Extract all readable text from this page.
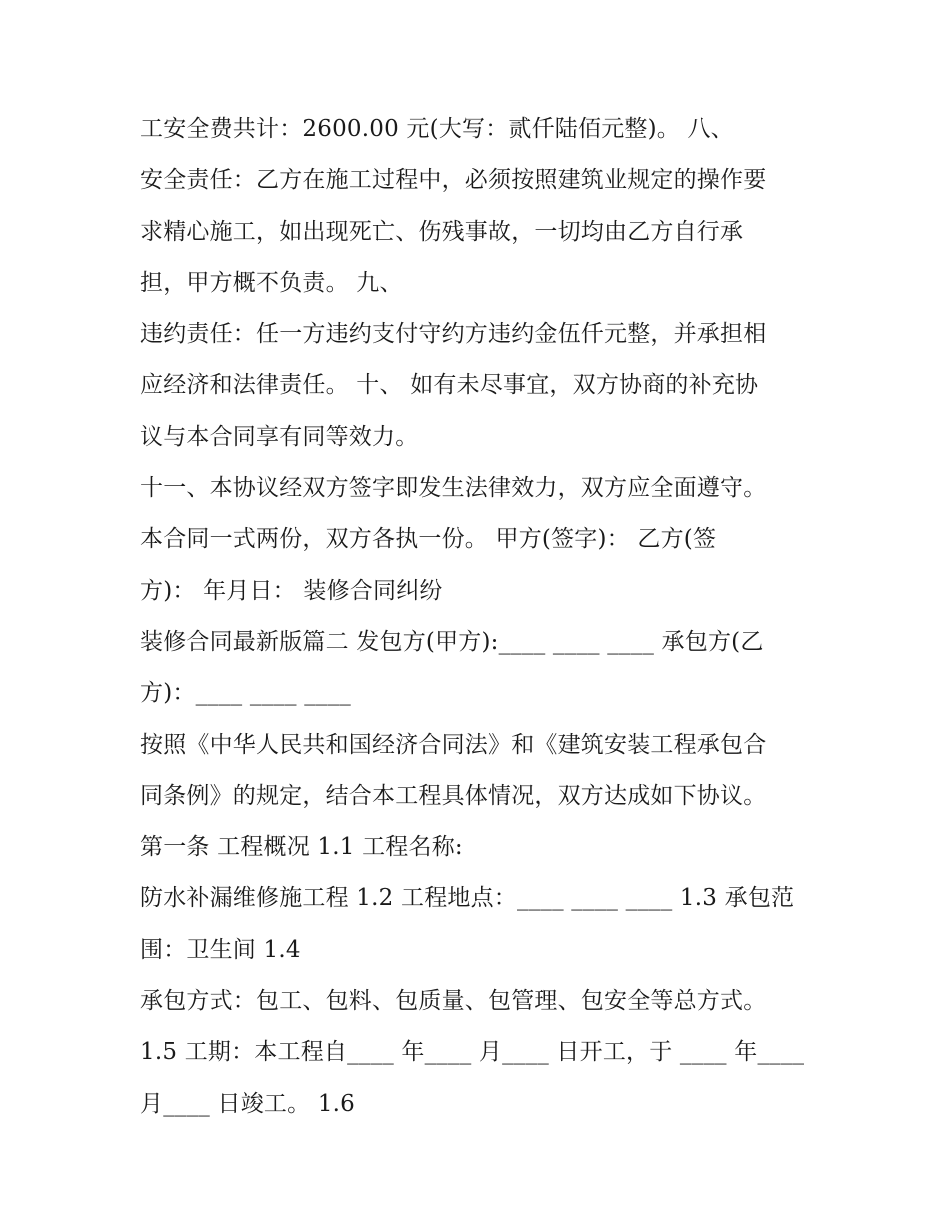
工安全费共计：2600.00 元(大写：贰仟陆佰元整)。 八、
安全责任：乙方在施工过程中，必须按照建筑业规定的操作要
求精心施工，如出现死亡、伤残事故，一切均由乙方自行承
担，甲方概不负责。 九、
违约责任：任一方违约支付守约方违约金伍仟元整，并承担相
应经济和法律责任。 十、 如有未尽事宜，双方协商的补充协
议与本合同享有同等效力。
十一、本协议经双方签字即发生法律效力，双方应全面遵守。
本合同一式两份，双方各执一份。 甲方(签字)： 乙方(签
方)： 年月日： 装修合同纠纷
装修合同最新版篇二 发包方(甲方):____ ____ ____ 承包方(乙
方)：____ ____ ____
按照《中华人民共和国经济合同法》和《建筑安装工程承包合
同条例》的规定，结合本工程具体情况，双方达成如下协议。
第一条 工程概况 1.1 工程名称:
防水补漏维修施工程 1.2 工程地点：____ ____ ____ 1.3 承包范
围：卫生间 1.4
承包方式：包工、包料、包质量、包管理、包安全等总方式。
1.5 工期：本工程自____ 年____ 月____ 日开工，于 ____ 年____
月____ 日竣工。 1.6
